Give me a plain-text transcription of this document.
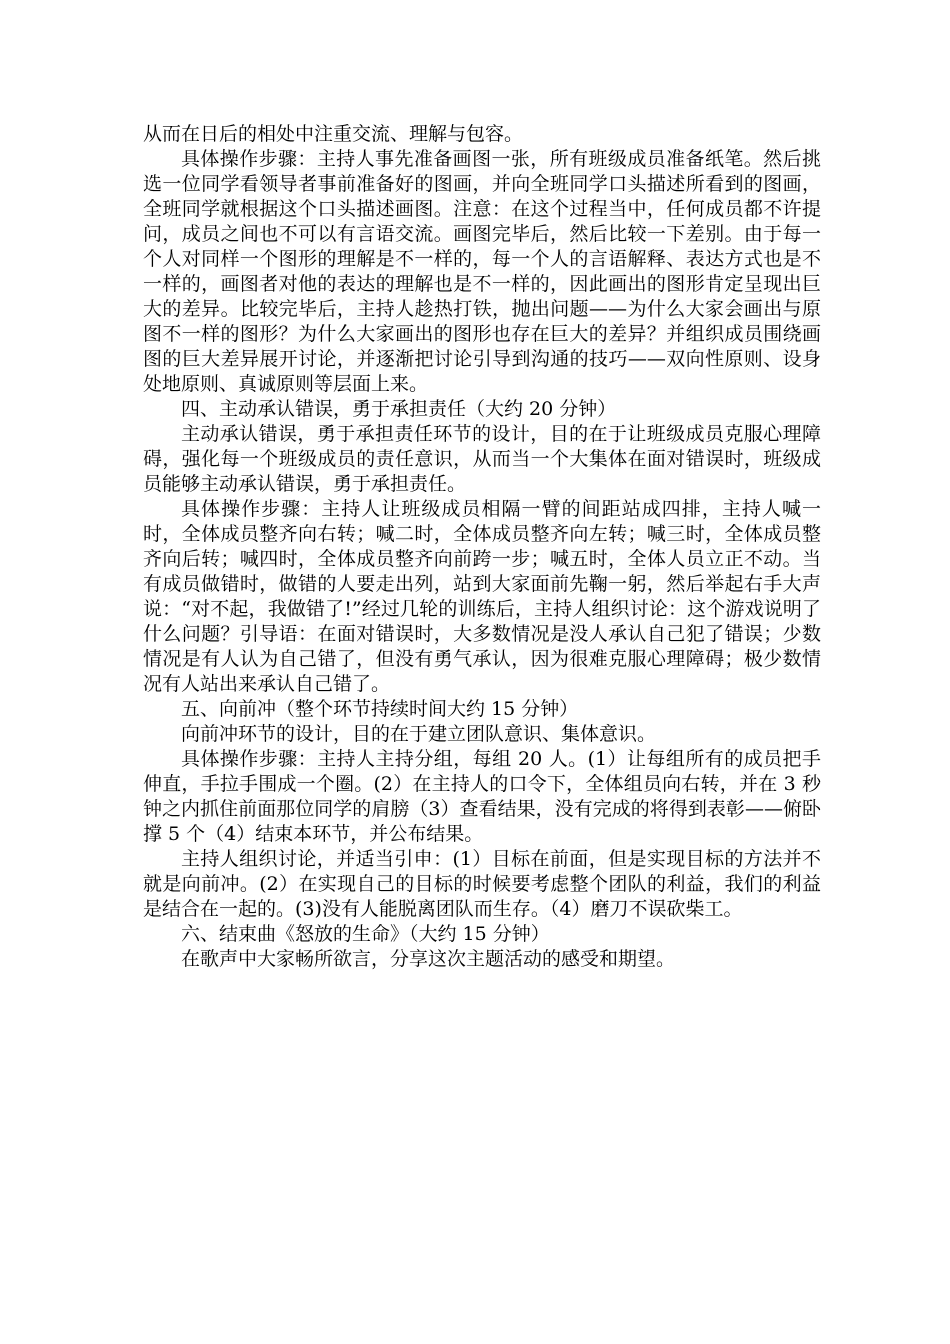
从而在日后的相处中注重交流、理解与包容。

具体操作步骤：主持人事先准备画图一张，所有班级成员准备纸笔。然后挑选一位同学看领导者事前准备好的图画，并向全班同学口头描述所看到的图画，全班同学就根据这个口头描述画图。注意：在这个过程当中，任何成员都不许提问，成员之间也不可以有言语交流。画图完毕后，然后比较一下差别。由于每一个人对同样一个图形的理解是不一样的，每一个人的言语解释、表达方式也是不一样的，画图者对他的表达的理解也是不一样的，因此画出的图形肯定呈现出巨大的差异。比较完毕后，主持人趁热打铁，抛出问题——为什么大家会画出与原图不一样的图形？为什么大家画出的图形也存在巨大的差异？并组织成员围绕画图的巨大差异展开讨论，并逐渐把讨论引导到沟通的技巧——双向性原则、设身处地原则、真诚原则等层面上来。

四、主动承认错误，勇于承担责任（大约 20 分钟）

主动承认错误，勇于承担责任环节的设计，目的在于让班级成员克服心理障碍，强化每一个班级成员的责任意识，从而当一个大集体在面对错误时，班级成员能够主动承认错误，勇于承担责任。

具体操作步骤：主持人让班级成员相隔一臂的间距站成四排，主持人喊一时，全体成员整齐向右转；喊二时，全体成员整齐向左转；喊三时，全体成员整齐向后转；喊四时，全体成员整齐向前跨一步；喊五时，全体人员立正不动。当有成员做错时，做错的人要走出列，站到大家面前先鞠一躬，然后举起右手大声说：“对不起，我做错了!”经过几轮的训练后，主持人组织讨论：这个游戏说明了什么问题？引导语：在面对错误时，大多数情况是没人承认自己犯了错误；少数情况是有人认为自己错了，但没有勇气承认，因为很难克服心理障碍；极少数情况有人站出来承认自己错了。

五、向前冲（整个环节持续时间大约 15 分钟）

向前冲环节的设计，目的在于建立团队意识、集体意识。

具体操作步骤：主持人主持分组，每组 20 人。(1）让每组所有的成员把手伸直，手拉手围成一个圈。(2）在主持人的口令下，全体组员向右转，并在 3 秒钟之内抓住前面那位同学的肩膀（3）查看结果，没有完成的将得到表彰——俯卧撑 5 个（4）结束本环节，并公布结果。

主持人组织讨论，并适当引申：(1）目标在前面，但是实现目标的方法并不就是向前冲。(2）在实现自己的目标的时候要考虑整个团队的利益，我们的利益是结合在一起的。(3)没有人能脱离团队而生存。（4）磨刀不误砍柴工。

六、结束曲《怒放的生命》（大约 15 分钟）

在歌声中大家畅所欲言，分享这次主题活动的感受和期望。
